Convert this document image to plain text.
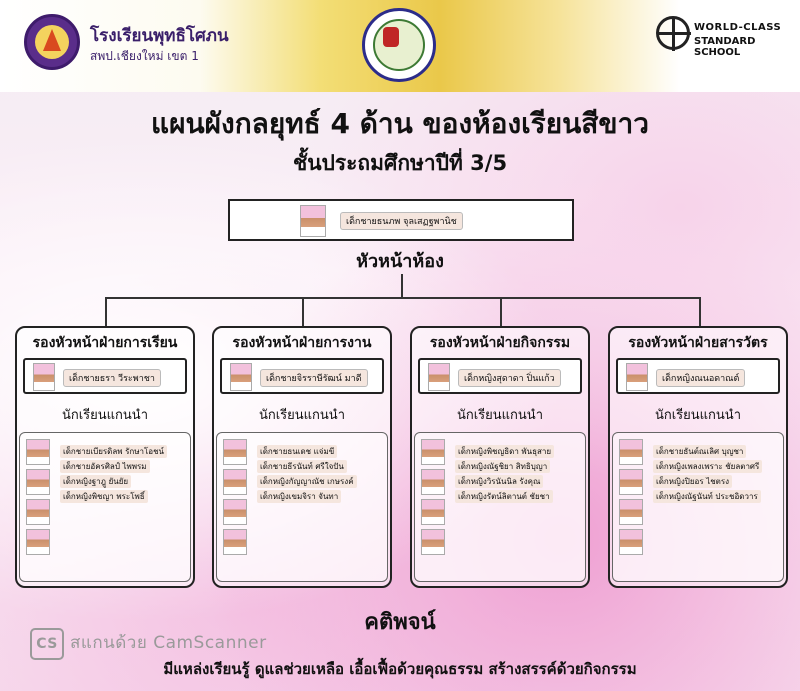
โรงเรียนพุทธิโศภน
สพป.เชียงใหม่ เขต 1
WORLD-CLASS
STANDARD SCHOOL
แผนผังกลยุทธ์ 4 ด้าน ของห้องเรียนสีขาว
ชั้นประถมศึกษาปีที่ 3/5
เด็กชายธนภพ จุลเสฏฐพานิช
หัวหน้าห้อง
รองหัวหน้าฝ่ายการเรียน
เด็กชายธรา วีระพาชา
นักเรียนแกนนำ
เด็กชายเบียรดิลพ รักษาโอชน์
เด็กชายอัครศิลป์ ไพพรม
เด็กหญิงฐาฎู ยันยัย
เด็กหญิงพิชญา พระโพธิ์
รองหัวหน้าฝ่ายการงาน
เด็กชายจิรราษีรัฒน์ มาดี
นักเรียนแกนนำ
เด็กชายธนเดช แจ่มขี
เด็กชายธีรนันท์ ศรีใจปัน
เด็กหญิงกัญญาณัช เกษรงค์
เด็กหญิงเขมจิรา จันทา
รองหัวหน้าฝ่ายกิจกรรม
เด็กหญิงสุดาดา ปิ่นแก้ว
นักเรียนแกนนำ
เด็กหญิงพิชญธิดา พันธุสาย
เด็กหญิงณัฐชิยา สิทธิบุญา
เด็กหญิงวิรนันนิล รังคุณ
เด็กหญิงรัตน์ลิตานต์ ชัยชา
รองหัวหน้าฝ่ายสารวัตร
เด็กหญิงณนอดาณต์
นักเรียนแกนนำ
เด็กชายธันต์ณเลิศ บุญชา
เด็กหญิงเพลงเพราะ ชัยลตาศรี
เด็กหญิงปิยอร ไชตรง
เด็กหญิงณัฐนันท์ ประชอิดวาร
CS สแกนด้วย CamScanner
คติพจน์
มีแหล่งเรียนรู้ ดูแลช่วยเหลือ เอื้อเฟื้อด้วยคุณธรรม สร้างสรรค์ด้วยกิจกรรม
